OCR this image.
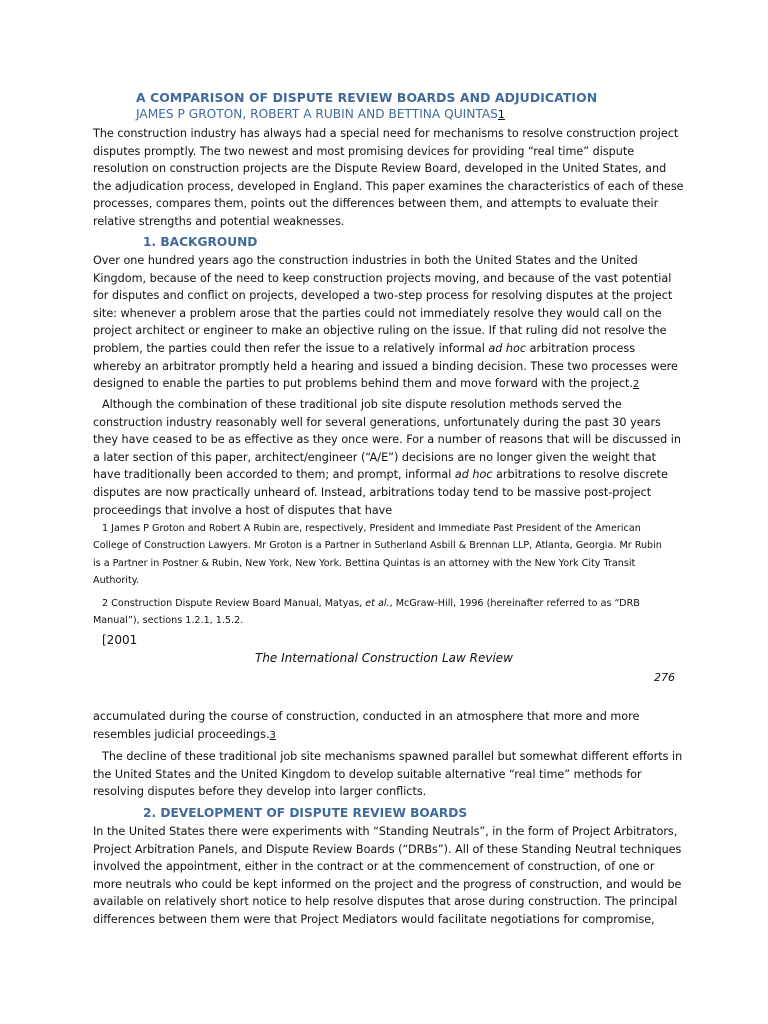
A COMPARISON OF DISPUTE REVIEW BOARDS AND ADJUDICATION
JAMES P GROTON, ROBERT A RUBIN AND BETTINA QUINTAS1

The construction industry has always had a special need for mechanisms to resolve construction project

disputes promptly. The two newest and most promising devices for providing “real time” dispute

resolution on construction projects are the Dispute Review Board, developed in the United States, and

the adjudication process, developed in England. This paper examines the characteristics of each of these

processes, compares them, points out the differences between them, and attempts to evaluate their

relative strengths and potential weaknesses.

1. BACKGROUND

Over one hundred years ago the construction industries in both the United States and the United

Kingdom, because of the need to keep construction projects moving, and because of the vast potential

for disputes and conflict on projects, developed a two-step process for resolving disputes at the project

site: whenever a problem arose that the parties could not immediately resolve they would call on the

project architect or engineer to make an objective ruling on the issue. If that ruling did not resolve the

problem, the parties could then refer the issue to a relatively informal ad hoc arbitration process

whereby an arbitrator promptly held a hearing and issued a binding decision. These two processes were

designed to enable the parties to put problems behind them and move forward with the project.2

Although the combination of these traditional job site dispute resolution methods served the

construction industry reasonably well for several generations, unfortunately during the past 30 years

they have ceased to be as effective as they once were. For a number of reasons that will be discussed in

a later section of this paper, architect/engineer (“A/E”) decisions are no longer given the weight that

have traditionally been accorded to them; and prompt, informal ad hoc arbitrations to resolve discrete

disputes are now practically unheard of. Instead, arbitrations today tend to be massive post-project

proceedings that involve a host of disputes that have

1 James P Groton and Robert A Rubin are, respectively, President and Immediate Past President of the American

College of Construction Lawyers. Mr Groton is a Partner in Sutherland Asbill & Brennan LLP, Atlanta, Georgia. Mr Rubin

is a Partner in Postner & Rubin, New York, New York. Bettina Quintas is an attorney with the New York City Transit

Authority.

2 Construction Dispute Review Board Manual, Matyas, et al., McGraw-Hill, 1996 (hereinafter referred to as “DRB

Manual”), sections 1.2.1, 1.5.2.

[2001
The International Construction Law Review
276

accumulated during the course of construction, conducted in an atmosphere that more and more

resembles judicial proceedings.3

The decline of these traditional job site mechanisms spawned parallel but somewhat different efforts in

the United States and the United Kingdom to develop suitable alternative “real time” methods for

resolving disputes before they develop into larger conflicts.

2. DEVELOPMENT OF DISPUTE REVIEW BOARDS

In the United States there were experiments with “Standing Neutrals”, in the form of Project Arbitrators,

Project Arbitration Panels, and Dispute Review Boards (“DRBs”). All of these Standing Neutral techniques

involved the appointment, either in the contract or at the commencement of construction, of one or

more neutrals who could be kept informed on the project and the progress of construction, and would be

available on relatively short notice to help resolve disputes that arose during construction. The principal

differences between them were that Project Mediators would facilitate negotiations for compromise,
